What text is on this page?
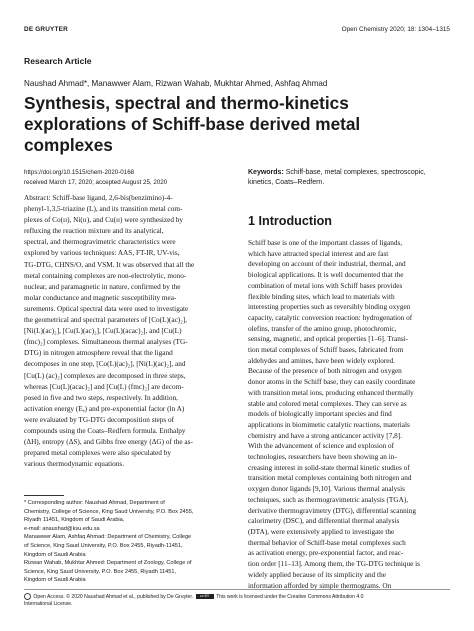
DE GRUYTER	Open Chemistry 2020; 18: 1304–1315
Research Article
Naushad Ahmad*, Manawwer Alam, Rizwan Wahab, Mukhtar Ahmed, Ashfaq Ahmad
Synthesis, spectral and thermo-kinetics
explorations of Schiff-base derived metal
complexes
https://doi.org/10.1515/chem-2020-0168
received March 17, 2020; accepted August 25, 2020
Keywords: Schiff-base, metal complexes, spectroscopic,
kinetics, Coats–Redfern.
Abstract: Schiff-base ligand, 2,6-bis(benzimino)-4-
phenyl-1,3,5-triazine (L), and its transition metal com-
plexes of Co(ɪɪ), Ni(ɪɪ), and Cu(ɪɪ) were synthesized by
refluxing the reaction mixture and its analytical,
spectral, and thermogravimetric characteristics were
explored by various techniques: AAS, FT-IR, UV-vis,
TG-DTG, CHNS/O, and VSM. It was observed that all the
metal containing complexes are non-electrolytic, mono-
nuclear, and paramagnetic in nature, confirmed by the
molar conductance and magnetic susceptibility mea-
surements. Optical spectral data were used to investigate
the geometrical and spectral parameters of [Co(L)(ac)₂],
[Ni(L)(ac)₂], [Cu(L)(ac)₂], [Cu(L)(acac)₂], and [Cu(L)
(fmc)₂] complexes. Simultaneous thermal analyses (TG-
DTG) in nitrogen atmosphere reveal that the ligand
decomposes in one step, [Co(L)(ac)₂], [Ni(L)(ac)₂], and
[Cu(L) (ac)₂] complexes are decomposed in three steps,
whereas [Cu(L)(acac)₂] and [Cu(L) (fmc)₂] are decom-
posed in five and two steps, respectively. In addition,
activation energy (Eₐ) and pre-exponential factor (ln A)
were evaluated by TG-DTG decomposition steps of
compounds using the Coats–Redfern formula. Enthalpy
(ΔH), entropy (ΔS), and Gibbs free energy (ΔG) of the as-
prepared metal complexes were also speculated by
various thermodynamic equations.
* Corresponding author: Naushad Ahmad, Department of
Chemistry, College of Science, King Saud University, P.O. Box 2455,
Riyadh 11451, Kingdom of Saudi Arabia,
e-mail: anaushad@ksu.edu.sa
Manawwer Alam, Ashfaq Ahmad: Department of Chemistry, College
of Science, King Saud University, P.O. Box 2455, Riyadh-11451,
Kingdom of Saudi Arabia
Rizwan Wahab, Mukhtar Ahmed: Department of Zoology, College of
Science, King Saud University, P.O. Box 2455, Riyadh 11451,
Kingdom of Saudi Arabia
1 Introduction
Schiff base is one of the important classes of ligands,
which have attracted special interest and are fast
developing on account of their industrial, thermal, and
biological applications. It is well documented that the
combination of metal ions with Schiff bases provides
flexible binding sites, which lead to materials with
interesting properties such as reversibly binding oxygen
capacity, catalytic conversion reaction: hydrogenation of
olefins, transfer of the amino group, photochromic,
sensing, magnetic, and optical properties [1–6]. Transi-
tion metal complexes of Schiff bases, fabricated from
aldehydes and amines, have been widely explored.
Because of the presence of both nitrogen and oxygen
donor atoms in the Schiff base, they can easily coordinate
with transition metal ions, producing enhanced thermally
stable and colored metal complexes. They can serve as
models of biologically important species and find
applications in biomimetic catalytic reactions, materials
chemistry and have a strong anticancer activity [7,8].
With the advancement of science and explosion of
technologies, researchers have been showing an in-
creasing interest in solid-state thermal kinetic studies of
transition metal complexes containing both nitrogen and
oxygen donor ligands [9,10]. Various thermal analysis
techniques, such as thermogravimetric analysis (TGA),
derivative thermogravimetry (DTG), differential scanning
calorimetry (DSC), and differential thermal analysis
(DTA), were extensively applied to investigate the
thermal behavior of Schiff-base metal complexes such
as activation energy, pre-exponential factor, and reac-
tion order [11–13]. Among them, the TG-DTG technique is
widely applied because of its simplicity and the
information afforded by simple thermograms. On
Open Access. © 2020 Naushad Ahmad et al., published by De Gruyter. cc BY This work is licensed under the Creative Commons Attribution 4.0
International License.
